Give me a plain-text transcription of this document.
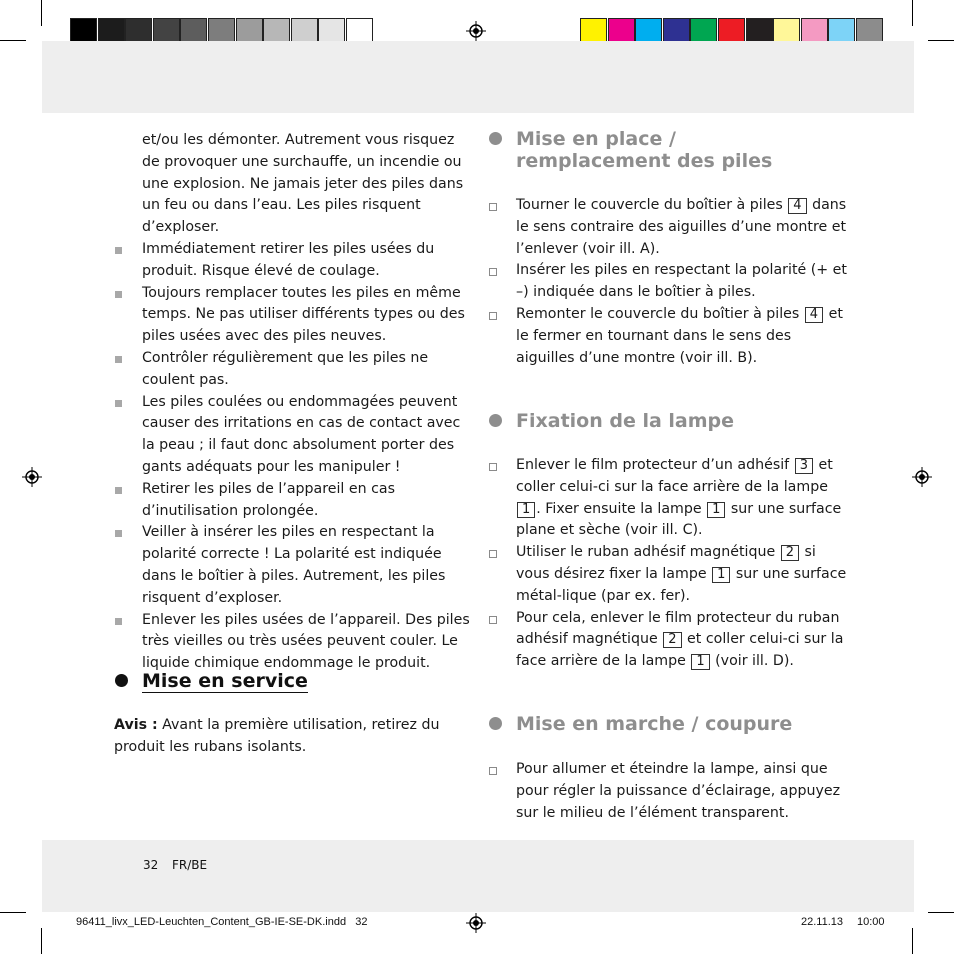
et/ou les démonter. Autrement vous risquez de provoquer une surchauffe, un incendie ou une explosion. Ne jamais jeter des piles dans un feu ou dans l’eau. Les piles risquent d’exploser.

Immédiatement retirer les piles usées du produit. Risque élevé de coulage.
Toujours remplacer toutes les piles en même temps. Ne pas utiliser différents types ou des piles usées avec des piles neuves.
Contrôler régulièrement que les piles ne coulent pas.
Les piles coulées ou endommagées peuvent causer des irritations en cas de contact avec la peau ; il faut donc absolument porter des gants adéquats pour les manipuler !
Retirer les piles de l’appareil en cas d’inutilisation prolongée.
Veiller à insérer les piles en respectant la polarité correcte ! La polarité est indiquée dans le boîtier à piles. Autrement, les piles risquent d’exploser.
Enlever les piles usées de l’appareil. Des piles très vieilles ou très usées peuvent couler. Le liquide chimique endommage le produit.
Mise en service

Avis : Avant la première utilisation, retirez du produit les rubans isolants.

Mise en place /
remplacement des piles
Tourner le couvercle du boîtier à piles 4 dans le sens contraire des aiguilles d’une montre et l’enlever (voir ill. A).
Insérer les piles en respectant la polarité (+ et –) indiquée dans le boîtier à piles.
Remonter le couvercle du boîtier à piles 4 et le fermer en tournant dans le sens des aiguilles d’une montre (voir ill. B).
Fixation de la lampe
Enlever le film protecteur d’un adhésif 3 et coller celui-ci sur la face arrière de la lampe 1 . Fixer ensuite la lampe 1 sur une surface plane et sèche (voir ill. C).
Utiliser le ruban adhésif magnétique 2 si vous désirez fixer la lampe 1 sur une surface métal-lique (par ex. fer).
Pour cela, enlever le film protecteur du ruban adhésif magnétique 2 et coller celui-ci sur la face arrière de la lampe 1 (voir ill. D).
Mise en marche / coupure
Pour allumer et éteindre la lampe, ainsi que pour régler la puissance d’éclairage, appuyez sur le milieu de l’élément transparent.
32 FR/BE
96411_livx_LED-Leuchten_Content_GB-IE-SE-DK.indd   32	22.11.13 10:00
